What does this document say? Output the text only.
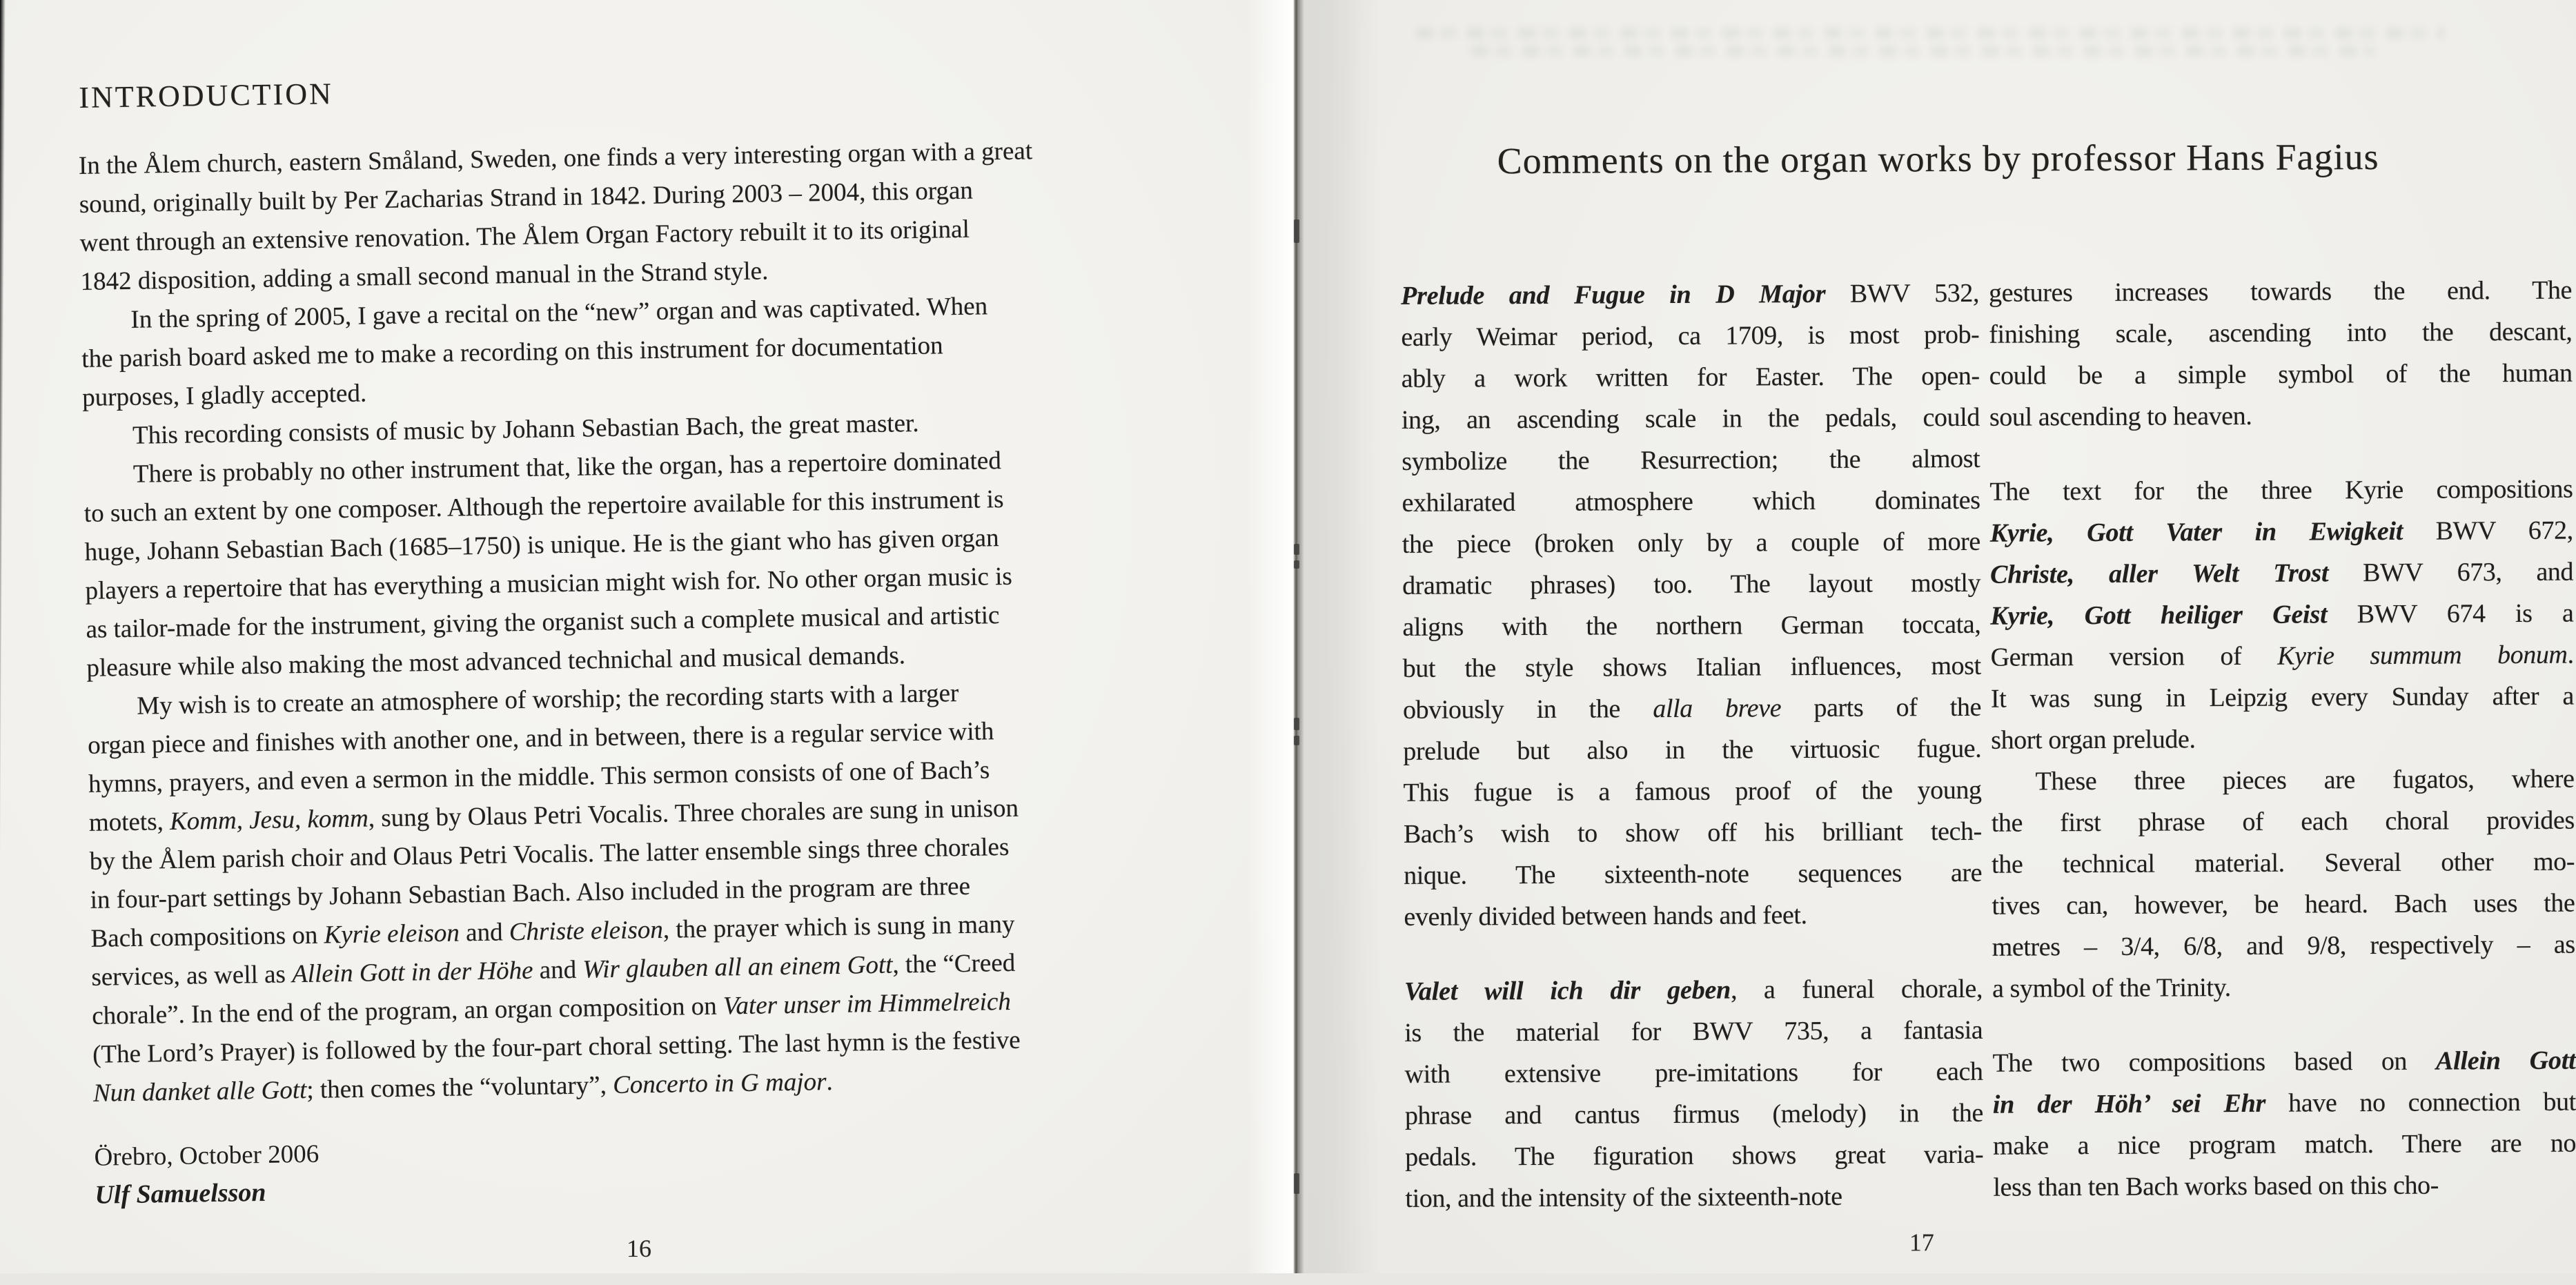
INTRODUCTION
In the Ålem church, eastern Småland, Sweden, one finds a very interesting organ with a great
sound, originally built by Per Zacharias Strand in 1842. During 2003 – 2004, this organ
went through an extensive renovation. The Ålem Organ Factory rebuilt it to its original
1842 disposition, adding a small second manual in the Strand style.
In the spring of 2005, I gave a recital on the “new” organ and was captivated. When
the parish board asked me to make a recording on this instrument for documentation
purposes, I gladly accepted.
This recording consists of music by Johann Sebastian Bach, the great master.
There is probably no other instrument that, like the organ, has a repertoire dominated
to such an extent by one composer. Although the repertoire available for this instrument is
huge, Johann Sebastian Bach (1685–1750) is unique. He is the giant who has given organ
players a repertoire that has everything a musician might wish for. No other organ music is
as tailor-made for the instrument, giving the organist such a complete musical and artistic
pleasure while also making the most advanced technichal and musical demands.
My wish is to create an atmosphere of worship; the recording starts with a larger
organ piece and finishes with another one, and in between, there is a regular service with
hymns, prayers, and even a sermon in the middle. This sermon consists of one of Bach’s
motets, Komm, Jesu, komm, sung by Olaus Petri Vocalis. Three chorales are sung in unison
by the Ålem parish choir and Olaus Petri Vocalis. The latter ensemble sings three chorales
in four-part settings by Johann Sebastian Bach. Also included in the program are three
Bach compositions on Kyrie eleison and Christe eleison, the prayer which is sung in many
services, as well as Allein Gott in der Höhe and Wir glauben all an einem Gott, the “Creed
chorale”. In the end of the program, an organ composition on Vater unser im Himmelreich
(The Lord’s Prayer) is followed by the four-part choral setting. The last hymn is the festive
Nun danket alle Gott; then comes the “voluntary”, Concerto in G major.
Örebro, October 2006
Ulf Samuelsson
16
Comments on the organ works by professor Hans Fagius
Prelude and Fugue in D Major BWV 532,
early Weimar period, ca 1709, is most prob-
ably a work written for Easter. The open-
ing, an ascending scale in the pedals, could
symbolize the Resurrection; the almost
exhilarated atmosphere which dominates
the piece (broken only by a couple of more
dramatic phrases) too. The layout mostly
aligns with the northern German toccata,
but the style shows Italian influences, most
obviously in the alla breve parts of the
prelude but also in the virtuosic fugue.
This fugue is a famous proof of the young
Bach’s wish to show off his brilliant tech-
nique. The sixteenth-note sequences are
evenly divided between hands and feet.
Valet will ich dir geben, a funeral chorale,
is the material for BWV 735, a fantasia
with extensive pre-imitations for each
phrase and cantus firmus (melody) in the
pedals. The figuration shows great varia-
tion, and the intensity of the sixteenth-note
gestures increases towards the end. The
finishing scale, ascending into the descant,
could be a simple symbol of the human
soul ascending to heaven.
The text for the three Kyrie compositions
Kyrie, Gott Vater in Ewigkeit BWV 672,
Christe, aller Welt Trost BWV 673, and
Kyrie, Gott heiliger Geist BWV 674 is a
German version of Kyrie summum bonum.
It was sung in Leipzig every Sunday after a
short organ prelude.
These three pieces are fugatos, where
the first phrase of each choral provides
the technical material. Several other mo-
tives can, however, be heard. Bach uses the
metres – 3/4, 6/8, and 9/8, respectively – as
a symbol of the Trinity.
The two compositions based on Allein Gott
in der Höh’ sei Ehr have no connection but
make a nice program match. There are no
less than ten Bach works based on this cho-
17
